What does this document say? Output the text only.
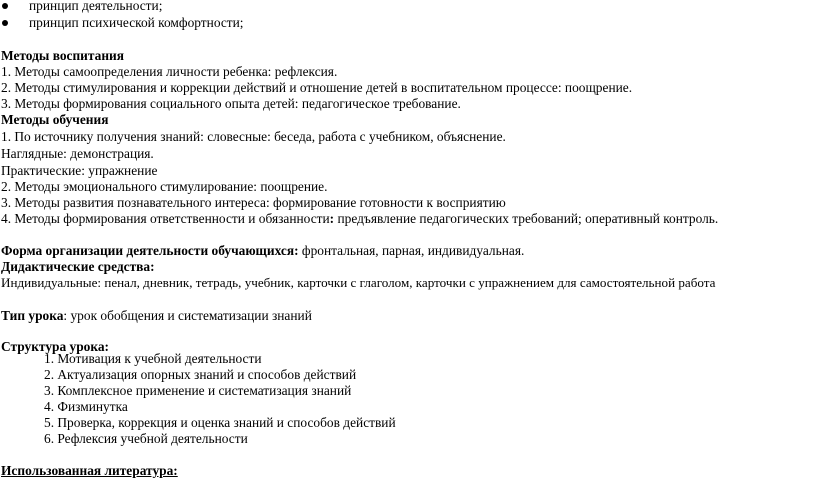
принцип деятельности;
принцип психической комфортности;
Методы воспитания
1. Методы самоопределения личности ребенка: рефлексия.
2. Методы стимулирования и коррекции действий и отношение детей в воспитательном процессе: поощрение.
3. Методы формирования социального опыта детей: педагогическое требование.
Методы обучения
1. По источнику получения знаний: словесные: беседа, работа с учебником, объяснение.
Наглядные: демонстрация.
Практические: упражнение
2. Методы эмоционального стимулирование: поощрение.
3. Методы развития познавательного интереса: формирование готовности к восприятию
4. Методы формирования ответственности и обязанности: предъявление педагогических требований; оперативный контроль.
Форма организации деятельности обучающихся: фронтальная, парная, индивидуальная.
Дидактические средства:
Индивидуальные: пенал, дневник, тетрадь, учебник, карточки с глаголом, карточки с упражнением для самостоятельной работа
Тип урока: урок обобщения и систематизации знаний
Структура урока:
1. Мотивация к учебной деятельности
2. Актуализация опорных знаний и способов действий
3. Комплексное применение и систематизация знаний
4. Физминутка
5. Проверка, коррекция и оценка знаний и способов действий
6. Рефлексия учебной деятельности
Использованная литература:
